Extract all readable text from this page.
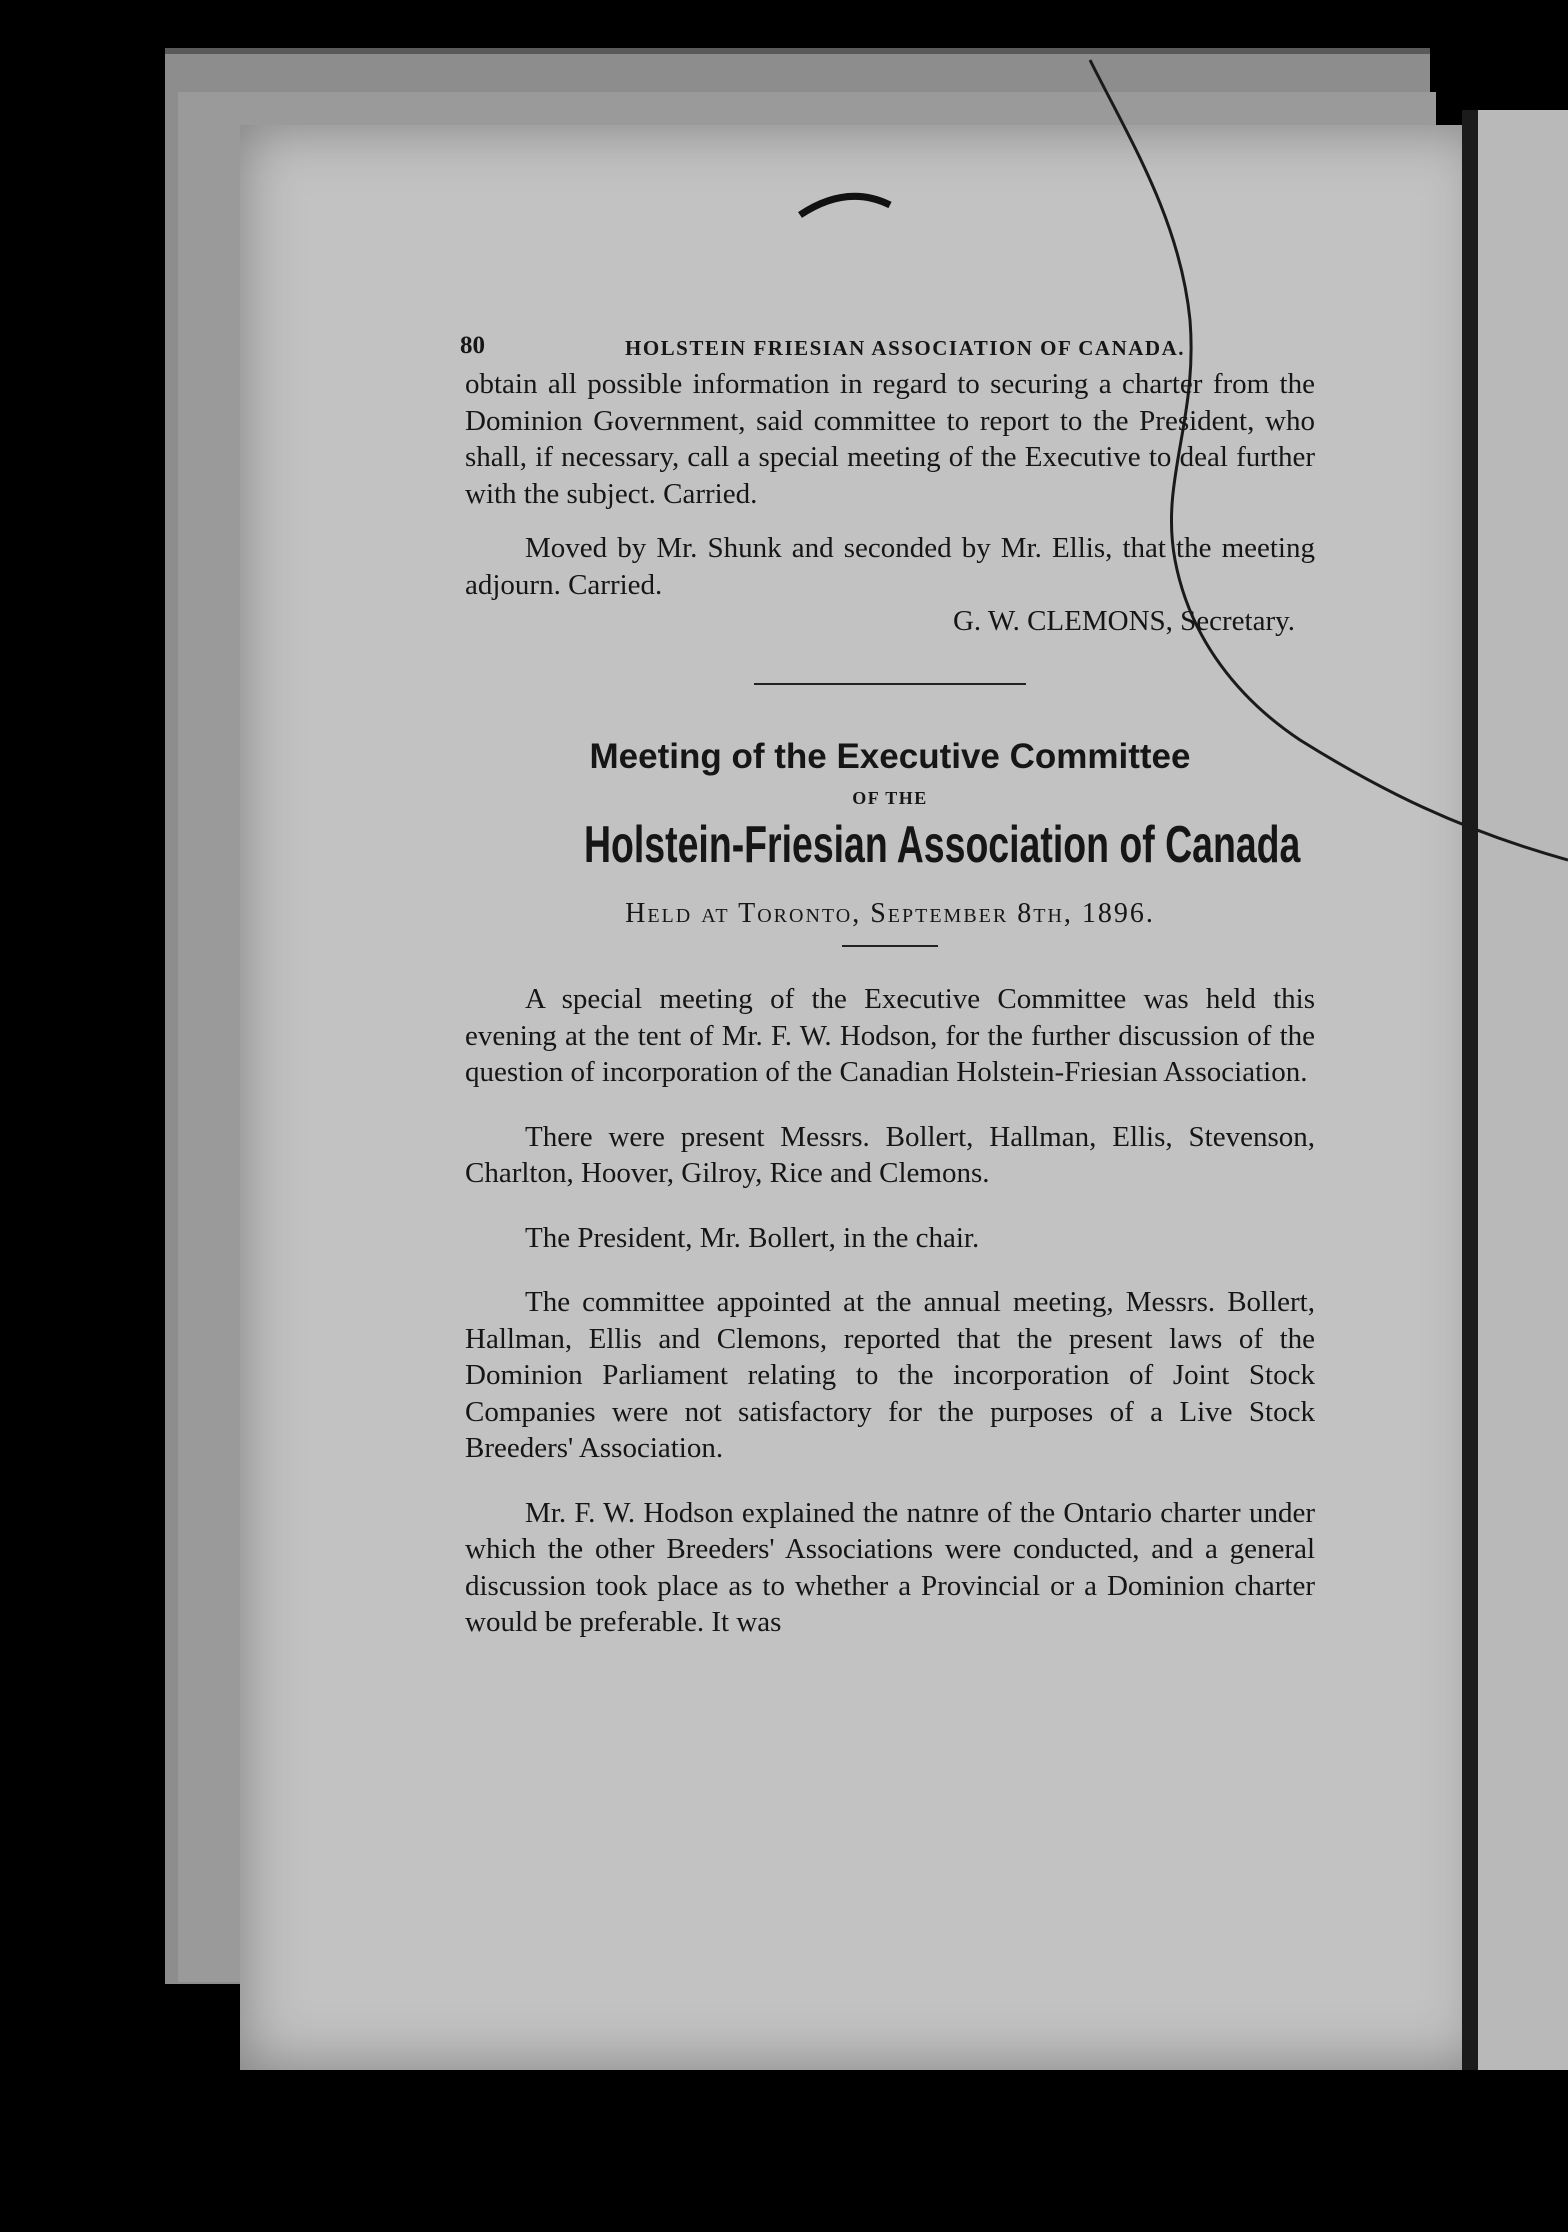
80	HOLSTEIN FRIESIAN ASSOCIATION OF CANADA.

obtain all possible information in regard to securing a charter from the Dominion Government, said committee to report to the President, who shall, if necessary, call a special meeting of the Executive to deal further with the subject. Carried.

Moved by Mr. Shunk and seconded by Mr. Ellis, that the meeting adjourn. Carried.

G. W. CLEMONS, Secretary.
Meeting of the Executive Committee
OF THE
Holstein-Friesian Association of Canada
Held at Toronto, September 8th, 1896.

A special meeting of the Executive Committee was held this evening at the tent of Mr. F. W. Hodson, for the further discussion of the question of incorporation of the Canadian Holstein-Friesian Association.

There were present Messrs. Bollert, Hallman, Ellis, Stevenson, Charlton, Hoover, Gilroy, Rice and Clemons.

The President, Mr. Bollert, in the chair.

The committee appointed at the annual meeting, Messrs. Bollert, Hallman, Ellis and Clemons, reported that the present laws of the Dominion Parliament relating to the incorporation of Joint Stock Companies were not satisfactory for the purposes of a Live Stock Breeders' Association.

Mr. F. W. Hodson explained the natnre of the Ontario charter under which the other Breeders' Associations were conducted, and a general discussion took place as to whether a Provincial or a Dominion charter would be preferable. It was
